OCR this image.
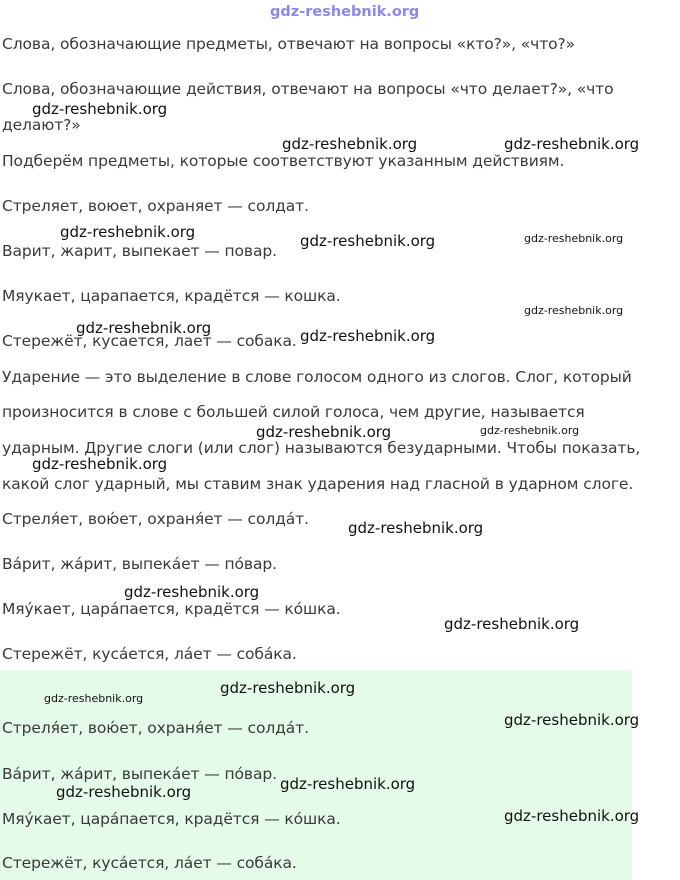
Слова, обозначающие предметы, отвечают на вопросы «кто?», «что?»

Слова, обозначающие действия, отвечают на вопросы «что делает?», «что

делают?»

Подберём предметы, которые соответствуют указанным действиям.

Стреляет, воюет, охраняет — солдат.

Варит, жарит, выпекает — повар.

Мяукает, царапается, крадётся — кошка.

Стережёт, кусается, лает — собака.

Ударение — это выделение в слове голосом одного из слогов. Слог, который

произносится в слове с большей силой голоса, чем другие, называется

ударным. Другие слоги (или слог) называются безударными. Чтобы показать,

какой слог ударный, мы ставим знак ударения над гласной в ударном слоге.

Стреля́ет, вою́ет, охраня́ет — солда́т.

Ва́рит, жа́рит, выпека́ет — по́вар.

Мяу́кает, цара́пается, крадётся — ко́шка.

Стережёт, куса́ется, ла́ет — соба́ка.

Стреля́ет, вою́ет, охраня́ет — солда́т.

Ва́рит, жа́рит, выпека́ет — по́вар.

Мяу́кает, цара́пается, крадётся — ко́шка.

Стережёт, куса́ется, ла́ет — соба́ка.

gdz-reshebnik.org
gdz-reshebnik.org
gdz-reshebnik.org	gdz-reshebnik.org
gdz-reshebnik.org	gdz-reshebnik.org	gdz-reshebnik.org
gdz-reshebnik.org
gdz-reshebnik.org	gdz-reshebnik.org
gdz-reshebnik.org	gdz-reshebnik.org
gdz-reshebnik.org
gdz-reshebnik.org
gdz-reshebnik.org
gdz-reshebnik.org
gdz-reshebnik.org
gdz-reshebnik.org
gdz-reshebnik.org
gdz-reshebnik.org
gdz-reshebnik.org
gdz-reshebnik.org
